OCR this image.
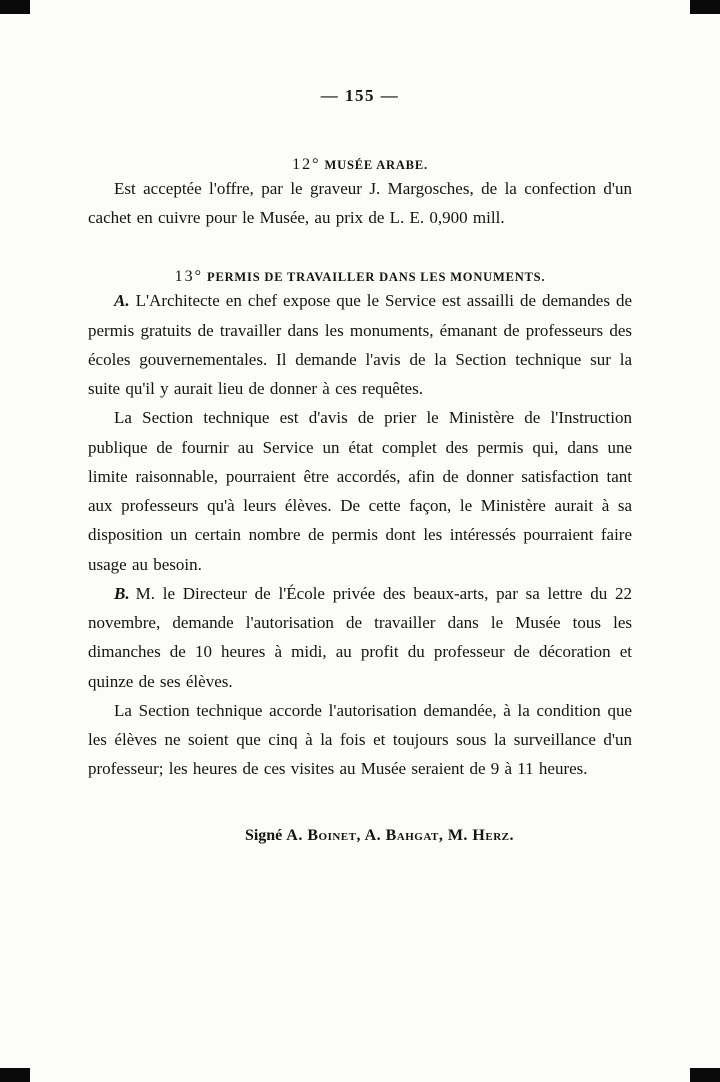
— 155 —
12° MUSÉE ARABE.

Est acceptée l'offre, par le graveur J. Margosches, de la confection d'un cachet en cuivre pour le Musée, au prix de L. E. 0,900 mill.

13° PERMIS DE TRAVAILLER DANS LES MONUMENTS.

A. L'Architecte en chef expose que le Service est assailli de demandes de permis gratuits de travailler dans les monuments, émanant de professeurs des écoles gouvernementales. Il demande l'avis de la Section technique sur la suite qu'il y aurait lieu de donner à ces requêtes.

La Section technique est d'avis de prier le Ministère de l'Instruction publique de fournir au Service un état complet des permis qui, dans une limite raisonnable, pourraient être accordés, afin de donner satisfaction tant aux professeurs qu'à leurs élèves. De cette façon, le Ministère aurait à sa disposition un certain nombre de permis dont les intéressés pourraient faire usage au besoin.

B. M. le Directeur de l'École privée des beaux-arts, par sa lettre du 22 novembre, demande l'autorisation de travailler dans le Musée tous les dimanches de 10 heures à midi, au profit du professeur de décoration et quinze de ses élèves.

La Section technique accorde l'autorisation demandée, à la condition que les élèves ne soient que cinq à la fois et toujours sous la surveillance d'un professeur; les heures de ces visites au Musée seraient de 9 à 11 heures.

Signé A. Boinet, A. Bahgat, M. Herz.
